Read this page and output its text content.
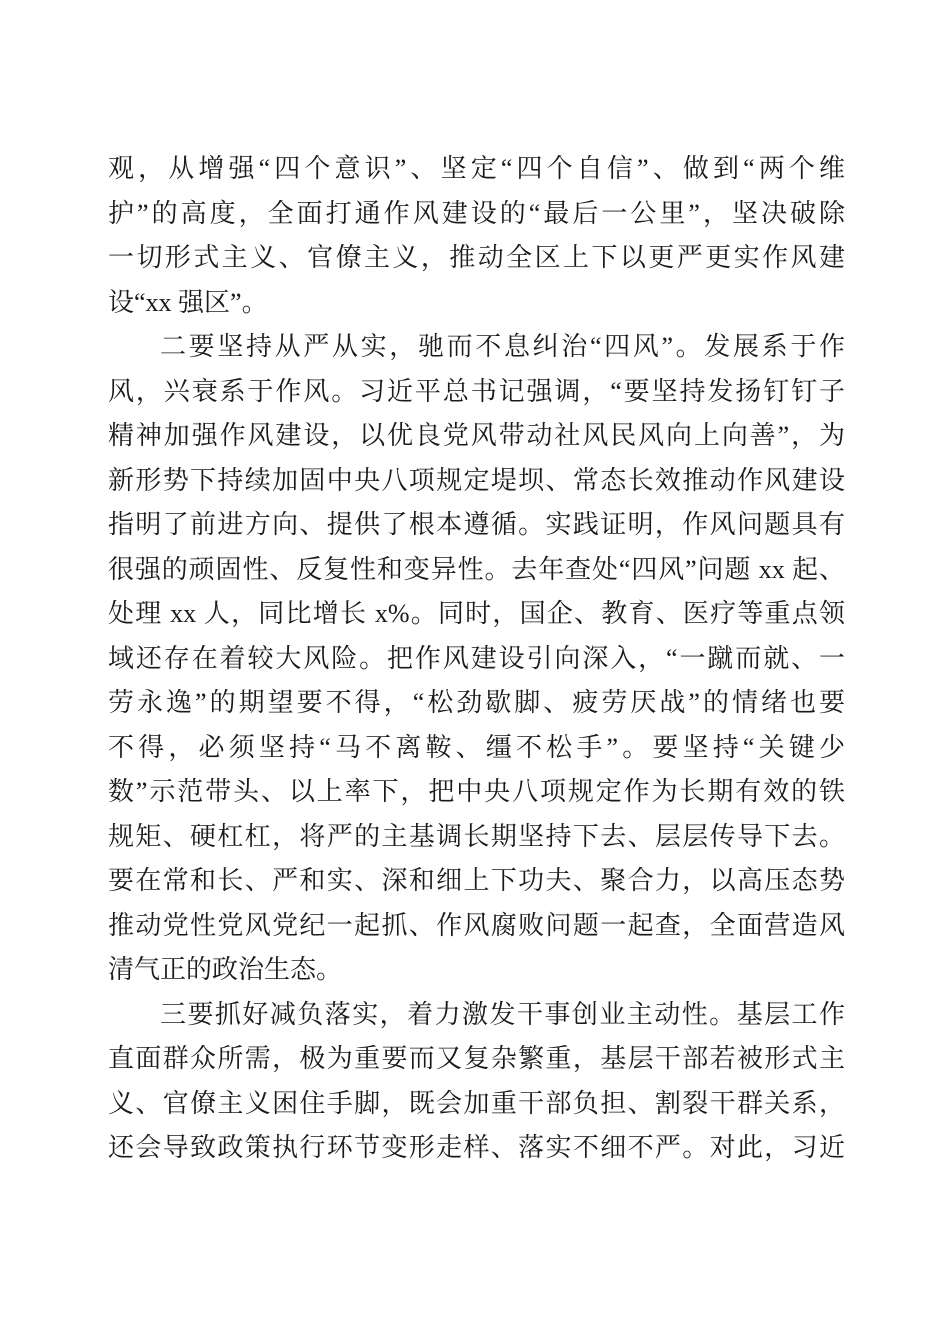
观，从增强“四个意识”、坚定“四个自信”、做到“两个维
护”的高度，全面打通作风建设的“最后一公里”，坚决破除
一切形式主义、官僚主义，推动全区上下以更严更实作风建
设“xx 强区”。
二要坚持从严从实，驰而不息纠治“四风”。发展系于作
风，兴衰系于作风。习近平总书记强调，“要坚持发扬钉钉子
精神加强作风建设，以优良党风带动社风民风向上向善”，为
新形势下持续加固中央八项规定堤坝、常态长效推动作风建设
指明了前进方向、提供了根本遵循。实践证明，作风问题具有
很强的顽固性、反复性和变异性。去年查处“四风”问题 xx 起、
处理 xx 人，同比增长 x%。同时，国企、教育、医疗等重点领
域还存在着较大风险。把作风建设引向深入，“一蹴而就、一
劳永逸”的期望要不得，“松劲歇脚、疲劳厌战”的情绪也要
不得，必须坚持“马不离鞍、缰不松手”。要坚持“关键少
数”示范带头、以上率下，把中央八项规定作为长期有效的铁
规矩、硬杠杠，将严的主基调长期坚持下去、层层传导下去。
要在常和长、严和实、深和细上下功夫、聚合力，以高压态势
推动党性党风党纪一起抓、作风腐败问题一起查，全面营造风
清气正的政治生态。
三要抓好减负落实，着力激发干事创业主动性。基层工作
直面群众所需，极为重要而又复杂繁重，基层干部若被形式主
义、官僚主义困住手脚，既会加重干部负担、割裂干群关系，
还会导致政策执行环节变形走样、落实不细不严。对此，习近
